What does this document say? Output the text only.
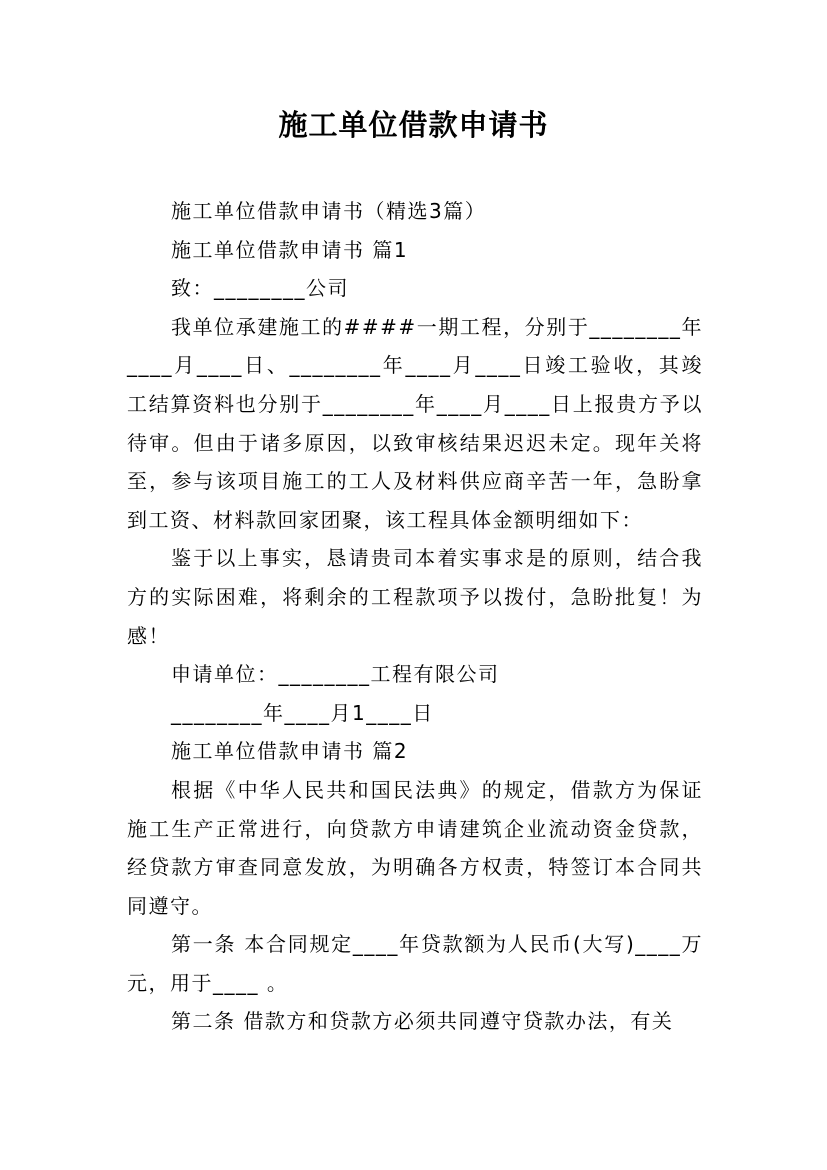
施工单位借款申请书

施工单位借款申请书（精选3篇）

施工单位借款申请书 篇1

致：________公司

我单位承建施工的####一期工程，分别于________年____月____日、________年____月____日竣工验收，其竣工结算资料也分别于________年____月____日上报贵方予以待审。但由于诸多原因，以致审核结果迟迟未定。现年关将至，参与该项目施工的工人及材料供应商辛苦一年，急盼拿到工资、材料款回家团聚，该工程具体金额明细如下：

鉴于以上事实，恳请贵司本着实事求是的原则，结合我方的实际困难，将剩余的工程款项予以拨付，急盼批复！为感！

申请单位：________工程有限公司

________年____月1____日

施工单位借款申请书 篇2

根据《中华人民共和国民法典》的规定，借款方为保证施工生产正常进行，向贷款方申请建筑企业流动资金贷款，经贷款方审查同意发放，为明确各方权责，特签订本合同共同遵守。

第一条 本合同规定____年贷款额为人民币(大写)____万元，用于____ 。

第二条 借款方和贷款方必须共同遵守贷款办法，有关
